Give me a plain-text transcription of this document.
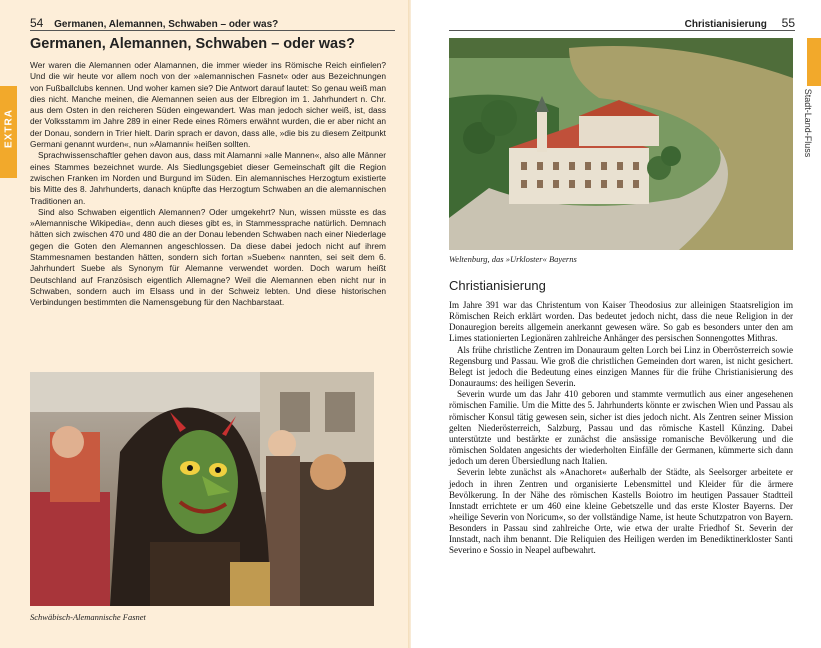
54 Germanen, Alemannen, Schwaben – oder was?
EXTRA
Germanen, Alemannen, Schwaben – oder was?

Wer waren die Alemannen oder Alamannen, die immer wieder ins Römische Reich einfielen? Und die wir heute vor allem noch von der »alemannischen Fasnet« oder aus Bezeichnungen von Fußballclubs kennen. Und woher kamen sie? Die Antwort darauf lautet: So genau weiß man dies nicht. Manche meinen, die Alemannen seien aus der Elbregion im 1. Jahrhundert n. Chr. aus dem Osten in den reicheren Süden eingewandert. Was man jedoch sicher weiß, ist, dass der Volksstamm im Jahre 289 in einer Rede eines Römers erwähnt wurden, die er aber nicht an der Donau, sondern in Trier hielt. Darin sprach er davon, dass alle, »die bis zu diesem Zeitpunkt Germani genannt wurden«, nun »Alamanni« heißen sollten.

Sprachwissenschaftler gehen davon aus, dass mit Alamanni »alle Mannen«, also alle Männer eines Stammes bezeichnet wurde. Als Siedlungsgebiet dieser Gemeinschaft gilt die Region zwischen Franken im Norden und Burgund im Süden. Ein alemannisches Herzogtum existierte bis Mitte des 8. Jahrhunderts, danach knüpfte das Herzogtum Schwaben an die alemannischen Traditionen an.

Sind also Schwaben eigentlich Alemannen? Oder umgekehrt? Nun, wissen müsste es das »Alemannische Wikipedia«, denn auch dieses gibt es, in Stammessprache natürlich. Demnach hätten sich zwischen 470 und 480 die an der Donau lebenden Schwaben nach einer Niederlage gegen die Goten den Alemannen angeschlossen. Da diese dabei jedoch nicht auf ihrem Stammesnamen bestanden hätten, sondern sich fortan »Sueben« nannten, sei seit dem 6. Jahrhundert Suebe als Synonym für Alemanne verwendet worden. Doch warum heißt Deutschland auf Französisch eigentlich Allemagne? Weil die Alemannen eben nicht nur in Schwaben, sondern auch im Elsass und in der Schweiz lebten. Und diese historischen Verbindungen bestimmten die Namensgebung für den Nachbarstaat.

Schwäbisch-Alemannische Fasnet
Christianisierung 55
Stadt-Land-Fluss
Weltenburg, das »Urkloster« Bayerns
Christianisierung

Im Jahre 391 war das Christentum von Kaiser Theodosius zur alleinigen Staatsreligion im Römischen Reich erklärt worden. Das bedeutet jedoch nicht, dass die neue Religion in der Donauregion bereits allgemein anerkannt gewesen wäre. So gab es besonders unter den am Limes stationierten Legionären zahlreiche Anhänger des persischen Sonnengottes Mithras.

Als frühe christliche Zentren im Donauraum gelten Lorch bei Linz in Oberrösterreich sowie Regensburg und Passau. Wie groß die christlichen Gemeinden dort waren, ist nicht gesichert. Belegt ist jedoch die Bedeutung eines einzigen Mannes für die frühe Christianisierung des Donauraums: des heiligen Severin.

Severin wurde um das Jahr 410 geboren und stammte vermutlich aus einer angesehenen römischen Familie. Um die Mitte des 5. Jahrhunderts könnte er zwischen Wien und Passau als römischer Konsul tätig gewesen sein, sicher ist dies jedoch nicht. Als Zentren seiner Mission gelten Niederösterreich, Salzburg, Passau und das römische Kastell Künzing. Dabei unterstützte und bestärkte er zunächst die ansässige romanische Bevölkerung und die römischen Soldaten angesichts der wiederholten Einfälle der Germanen, kümmerte sich dann jedoch um deren Übersiedlung nach Italien.

Severin lebte zunächst als »Anachoret« außerhalb der Städte, als Seelsorger arbeitete er jedoch in ihren Zentren und organisierte Lebensmittel und Kleider für die ärmere Bevölkerung. In der Nähe des römischen Kastells Boiotro im heutigen Passauer Stadtteil Innstadt errichtete er um 460 eine kleine Gebetszelle und das erste Kloster Bayerns. Der »heilige Severin von Noricum«, so der vollständige Name, ist heute Schutzpatron von Bayern. Besonders in Passau sind zahlreiche Orte, wie etwa der uralte Friedhof St. Severin der Innstadt, nach ihm benannt. Die Reliquien des Heiligen werden im Benediktinerkloster Santi Severino e Sossio in Neapel aufbewahrt.
